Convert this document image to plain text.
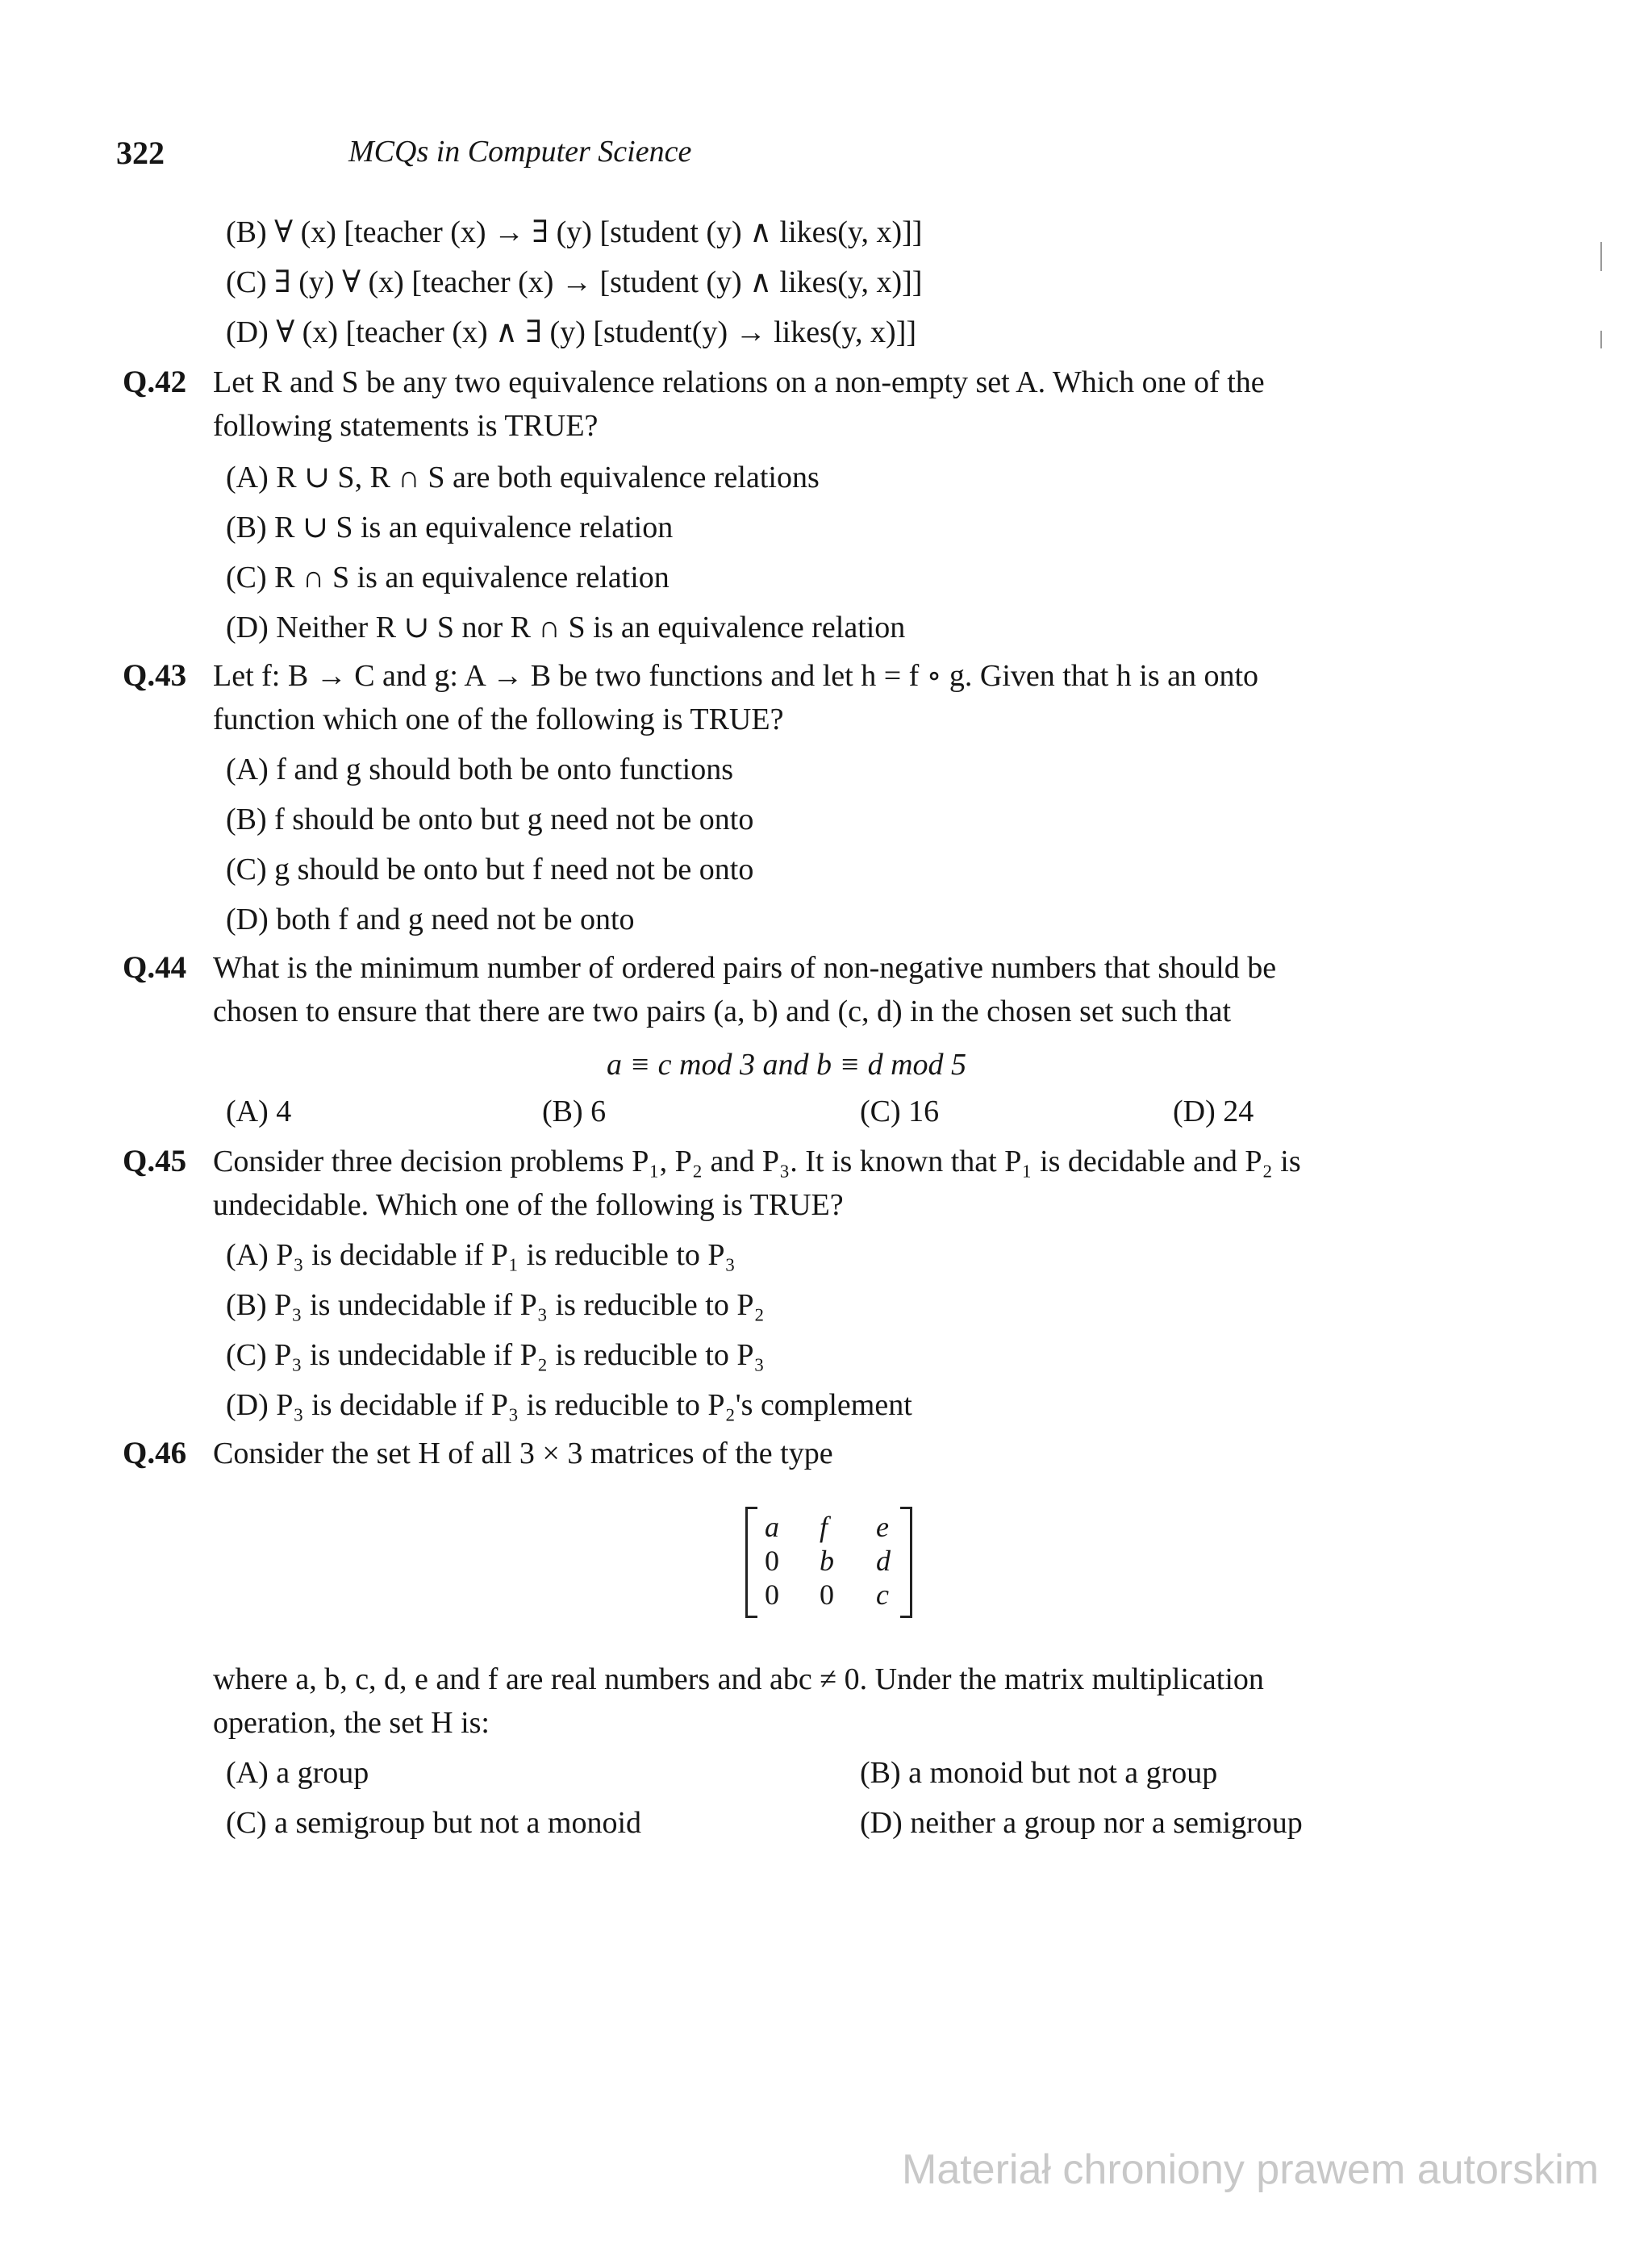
322	MCQs in Computer Science
(B) ∀ (x) [teacher (x) → ∃ (y) [student (y) ∧ likes(y, x)]]
(C) ∃ (y) ∀ (x) [teacher (x) → [student (y) ∧ likes(y, x)]]
(D) ∀ (x) [teacher (x) ∧ ∃ (y) [student(y) → likes(y, x)]]
Q.42 Let R and S be any two equivalence relations on a non-empty set A. Which one of the
following statements is TRUE?
(A) R ∪ S, R ∩ S are both equivalence relations
(B) R ∪ S is an equivalence relation
(C) R ∩ S is an equivalence relation
(D) Neither R ∪ S nor R ∩ S is an equivalence relation
Q.43 Let f: B → C and g: A → B be two functions and let h = f ∘ g. Given that h is an onto
function which one of the following is TRUE?
(A) f and g should both be onto functions
(B) f should be onto but g need not be onto
(C) g should be onto but f need not be onto
(D) both f and g need not be onto
Q.44 What is the minimum number of ordered pairs of non-negative numbers that should be
chosen to ensure that there are two pairs (a, b) and (c, d) in the chosen set such that
a ≡ c mod 3 and b ≡ d mod 5
(A) 4	(B) 6	(C) 16	(D) 24
Q.45 Consider three decision problems P₁, P₂ and P₃. It is known that P₁ is decidable and P₂ is
undecidable. Which one of the following is TRUE?
(A) P₃ is decidable if P₁ is reducible to P₃
(B) P₃ is undecidable if P₃ is reducible to P₂
(C) P₃ is undecidable if P₂ is reducible to P₃
(D) P₃ is decidable if P₃ is reducible to P₂'s complement
Q.46 Consider the set H of all 3 × 3 matrices of the type
a f e
0 b d
0 0 c
where a, b, c, d, e and f are real numbers and abc ≠ 0. Under the matrix multiplication
operation, the set H is:
(A) a group	(B) a monoid but not a group
(C) a semigroup but not a monoid	(D) neither a group nor a semigroup
Materiał chroniony prawem autorskim
